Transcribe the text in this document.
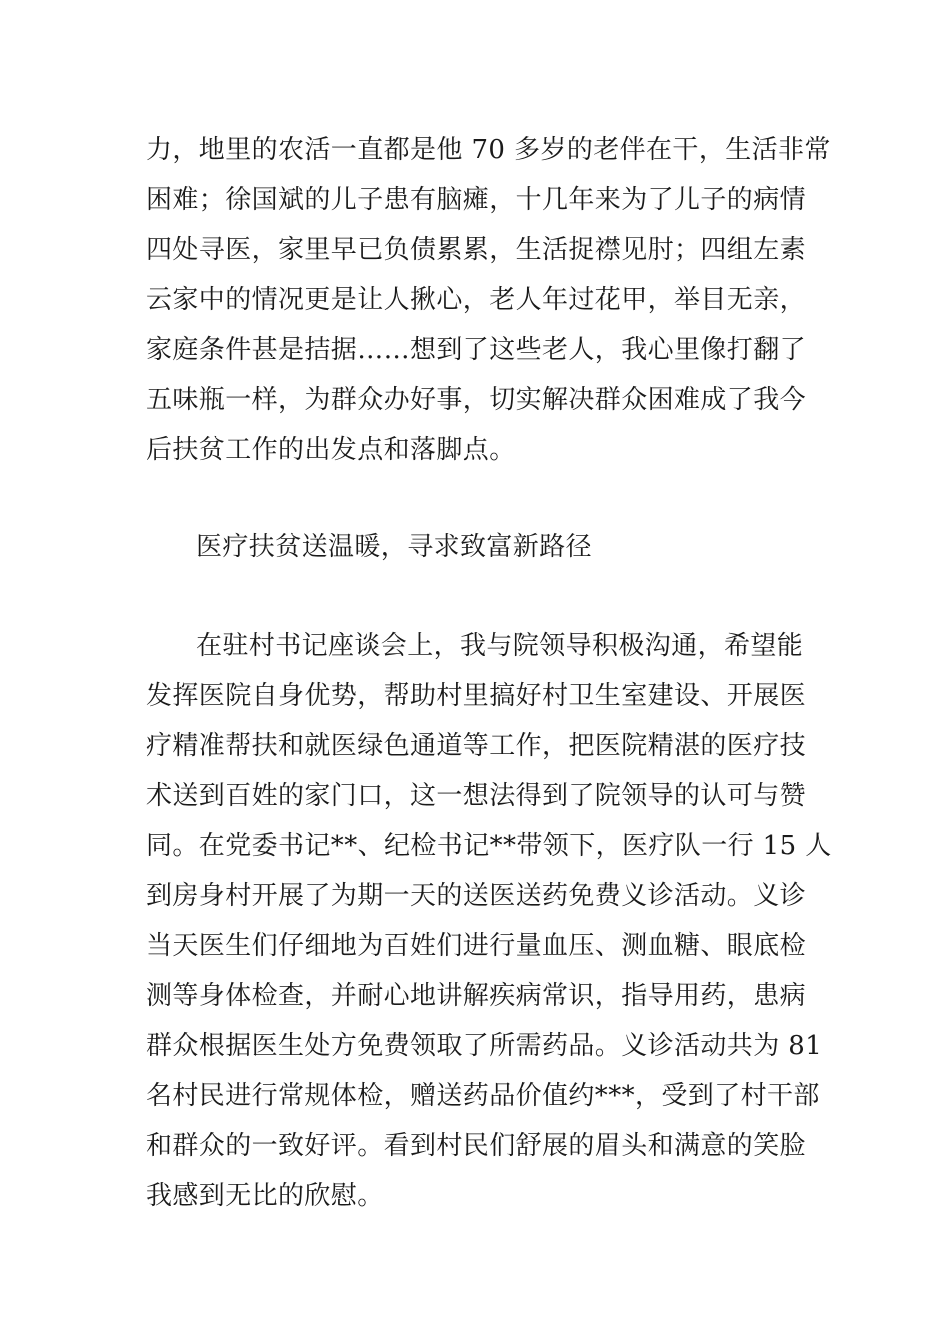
力，地里的农活一直都是他 70 多岁的老伴在干，生活非常
困难；徐国斌的儿子患有脑瘫，十几年来为了儿子的病情
四处寻医，家里早已负债累累，生活捉襟见肘；四组左素
云家中的情况更是让人揪心，老人年过花甲，举目无亲，
家庭条件甚是拮据……想到了这些老人，我心里像打翻了
五味瓶一样，为群众办好事，切实解决群众困难成了我今
后扶贫工作的出发点和落脚点。
医疗扶贫送温暖，寻求致富新路径
在驻村书记座谈会上，我与院领导积极沟通，希望能
发挥医院自身优势，帮助村里搞好村卫生室建设、开展医
疗精准帮扶和就医绿色通道等工作，把医院精湛的医疗技
术送到百姓的家门口，这一想法得到了院领导的认可与赞
同。在党委书记**、纪检书记**带领下，医疗队一行 15 人
到房身村开展了为期一天的送医送药免费义诊活动。义诊
当天医生们仔细地为百姓们进行量血压、测血糖、眼底检
测等身体检查，并耐心地讲解疾病常识，指导用药，患病
群众根据医生处方免费领取了所需药品。义诊活动共为 81
名村民进行常规体检，赠送药品价值约***，受到了村干部
和群众的一致好评。看到村民们舒展的眉头和满意的笑脸
我感到无比的欣慰。
